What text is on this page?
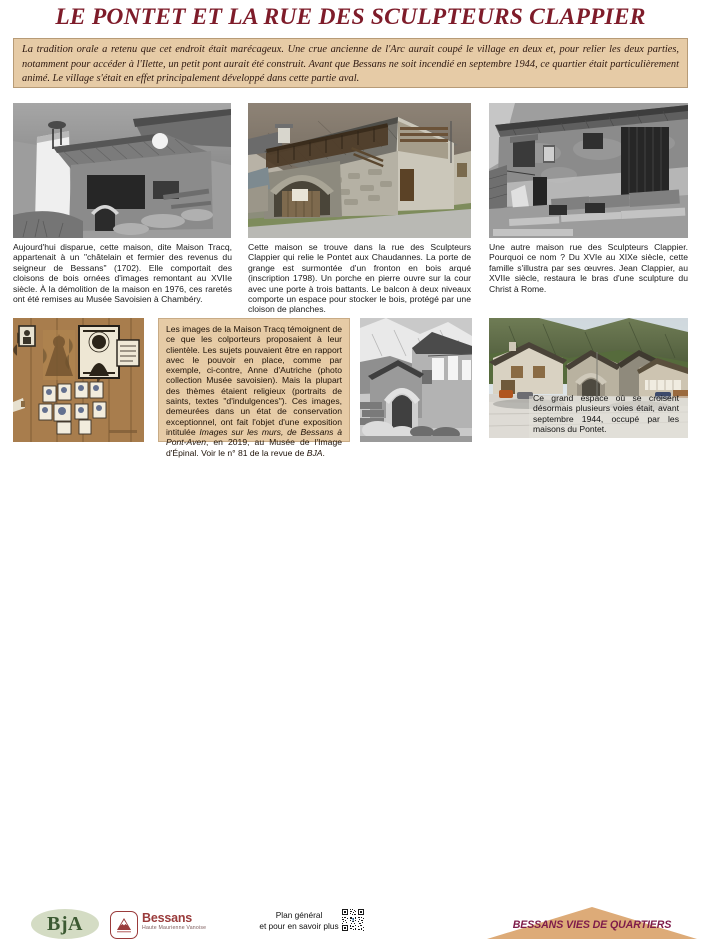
LE PONTET ET LA RUE DES SCULPTEURS CLAPPIER
La tradition orale a retenu que cet endroit était marécageux. Une crue ancienne de l'Arc aurait coupé le village en deux et, pour relier les deux parties, notamment pour accéder à l'Ilette, un petit pont aurait été construit. Avant que Bessans ne soit incendié en septembre 1944, ce quartier était particulièrement animé. Le village s'était en effet principalement développé dans cette partie aval.
Aujourd'hui disparue, cette maison, dite Maison Tracq, appartenait à un "châtelain et fermier des revenus du seigneur de Bessans" (1702). Elle comportait des cloisons de bois ornées d'images remontant au XVIIe siècle. À la démolition de la maison en 1976, ces raretés ont été remises au Musée Savoisien à Chambéry.
Cette maison se trouve dans la rue des Sculpteurs Clappier qui relie le Pontet aux Chaudannes. La porte de grange est surmontée d'un fronton en bois arqué (inscription 1798). Un porche en pierre ouvre sur la cour avec une porte à trois battants. Le balcon à deux niveaux comporte un espace pour stocker le bois, protégé par une cloison de planches.
Une autre maison rue des Sculpteurs Clappier. Pourquoi ce nom ? Du XVIe au XIXe siècle, cette famille s'illustra par ses œuvres. Jean Clappier, au XVIIe siècle, restaura le bras d'une sculpture du Christ à Rome.
Les images de la Maison Tracq témoignent de ce que les colporteurs proposaient à leur clientèle. Les sujets pouvaient être en rapport avec le pouvoir en place, comme par exemple, ci-contre, Anne d'Autriche (photo collection Musée savoisien). Mais la plupart des thèmes étaient religieux (portraits de saints, textes "d'indulgences"). Ces images, demeurées dans un état de conservation exceptionnel, ont fait l'objet d'une exposition intitulée Images sur les murs, de Bessans à Pont-Aven, en 2019, au Musée de l'Image d'Épinal. Voir le n° 81 de la revue de BJA.
Ce grand espace où se croisent désormais plusieurs voies était, avant septembre 1944, occupé par les maisons du Pontet.
BjA	Bessans
Haute Maurienne Vanoise
Plan général
et pour en savoir plus	BESSANS VIES DE QUARTIERS
